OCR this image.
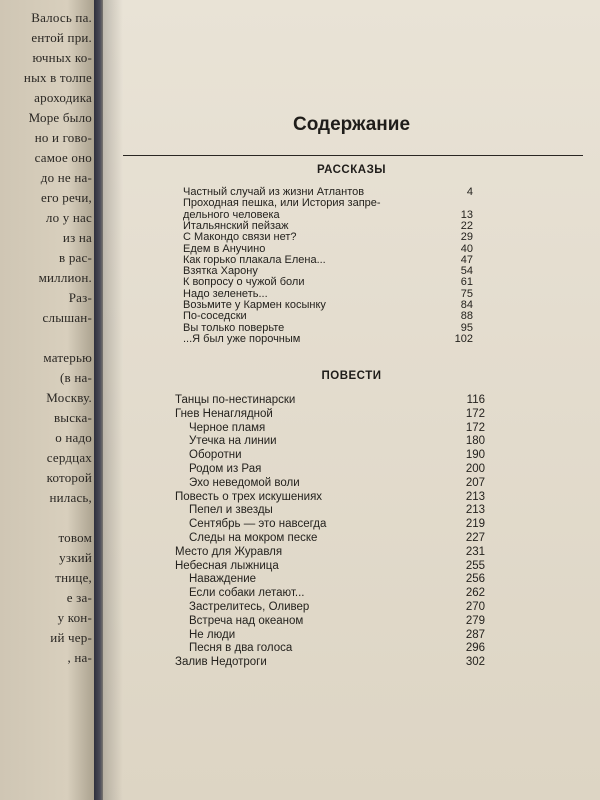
Валось па.
ентой при.
ючных ко-
ных в толпе
ароходика
Море было
но и гово-
самое оно
до не на-
его речи,
ло у нас
из на
в рас-
миллион.
Раз-
слышан-
матерью
(в на-
Москву.
выска-
о надо
сердцах
которой
нилась,
товом
узкий
тнице,
е за-
у кон-
ий чер-
, на-
Содержание
РАССКАЗЫ
ПОВЕСТИ
Частный случай из жизни Атлантов	4
Проходная пешка, или История запре-
дельного человека	13
Итальянский пейзаж	22
С Макондо связи нет?	29
Едем в Анучино	40
Как горько плакала Елена...	47
Взятка Харону	54
К вопросу о чужой боли	61
Надо зеленеть...	75
Возьмите у Кармен косынку	84
По-соседски	88
Вы только поверьте	95
...Я был уже порочным	102
Танцы по-нестинарски	116
Гнев Ненаглядной	172
Черное пламя	172
Утечка на линии	180
Оборотни	190
Родом из Рая	200
Эхо неведомой воли	207
Повесть о трех искушениях	213
Пепел и звезды	213
Сентябрь — это навсегда	219
Следы на мокром песке	227
Место для Журавля	231
Небесная лыжница	255
Наваждение	256
Если собаки летают...	262
Застрелитесь, Оливер	270
Встреча над океаном	279
Не люди	287
Песня в два голоса	296
Залив Недотроги	302
